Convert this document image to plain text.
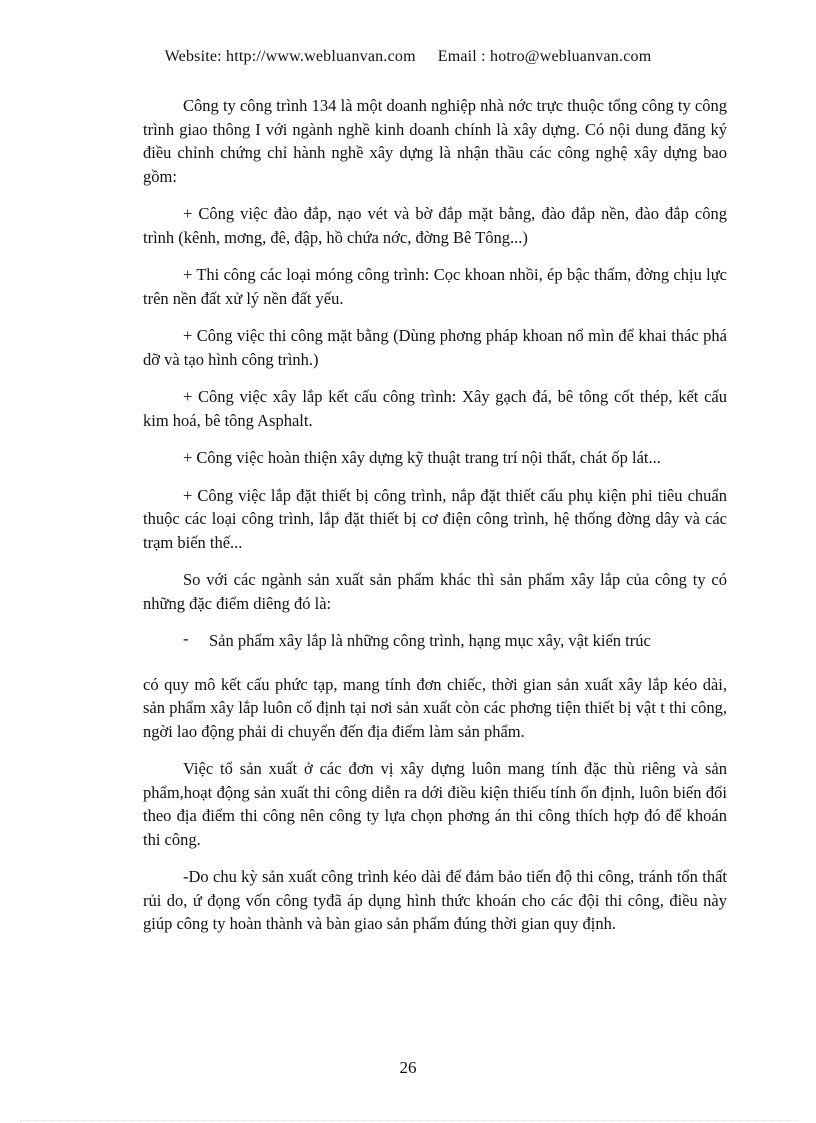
Website: http://www.webluanvan.com Email : hotro@webluanvan.com

Công ty công trình 134 là một doanh nghiệp nhà nớc trực thuộc tổng công ty công trình giao thông I với ngành nghề kinh doanh chính là xây dựng. Có nội dung đăng ký điều chỉnh chứng chỉ hành nghề xây dựng là nhận thầu các công nghệ xây dựng bao gồm:

+ Công việc đào đắp, nạo vét và bờ đắp mặt bằng, đào đắp nền, đào đắp công trình (kênh, mơng, đê, đập, hồ chứa nớc, đờng Bê Tông...)

+ Thi công các loại móng công trình: Cọc khoan nhồi, ép bậc thấm, đờng chịu lực trên nền đất xử lý nền đất yếu.

+ Công việc thi công mặt bằng (Dùng phơng pháp khoan nổ mìn để khai thác phá dỡ và tạo hình công trình.)

+ Công việc xây lắp kết cấu công trình: Xây gạch đá, bê tông cốt thép, kết cấu kim hoá, bê tông Asphalt.

+ Công việc hoàn thiện xây dựng kỹ thuật trang trí nội thất, chát ốp lát...

+ Công việc lắp đặt thiết bị công trình, nắp đặt thiết cấu phụ kiện phi tiêu chuẩn thuộc các loại công trình, lắp đặt thiết bị cơ điện công trình, hệ thống đờng dây và các trạm biến thế...

So với các ngành sản xuất sản phẩm khác thì sản phẩm xây lắp của công ty có những đặc điểm diêng đó là:

- Sản phẩm xây lắp là những công trình, hạng mục xây, vật kiến trúc

có quy mô kết cấu phức tạp, mang tính đơn chiếc, thời gian sản xuất xây lắp kéo dài, sản phẩm xây lắp luôn cố định tại nơi sản xuất còn các phơng tiện thiết bị vật t thi công, ngời lao động phải di chuyển đến địa điểm làm sản phẩm.

Việc tổ sản xuất ở các đơn vị xây dựng luôn mang tính đặc thù riêng và sản phẩm,hoạt động sản xuất thi công diễn ra dới điều kiện thiếu tính ổn định, luôn biến đổi theo địa điểm thi công nên công ty lựa chọn phơng án thi công thích hợp đó để khoán thi công.

-Do chu kỳ sản xuất công trình kéo dài để đảm bảo tiến độ thi công, tránh tổn thất rủi do, ứ đọng vốn công tyđã áp dụng hình thức khoán cho các đội thi công, điều này giúp công ty hoàn thành và bàn giao sản phẩm đúng thời gian quy định.

26
